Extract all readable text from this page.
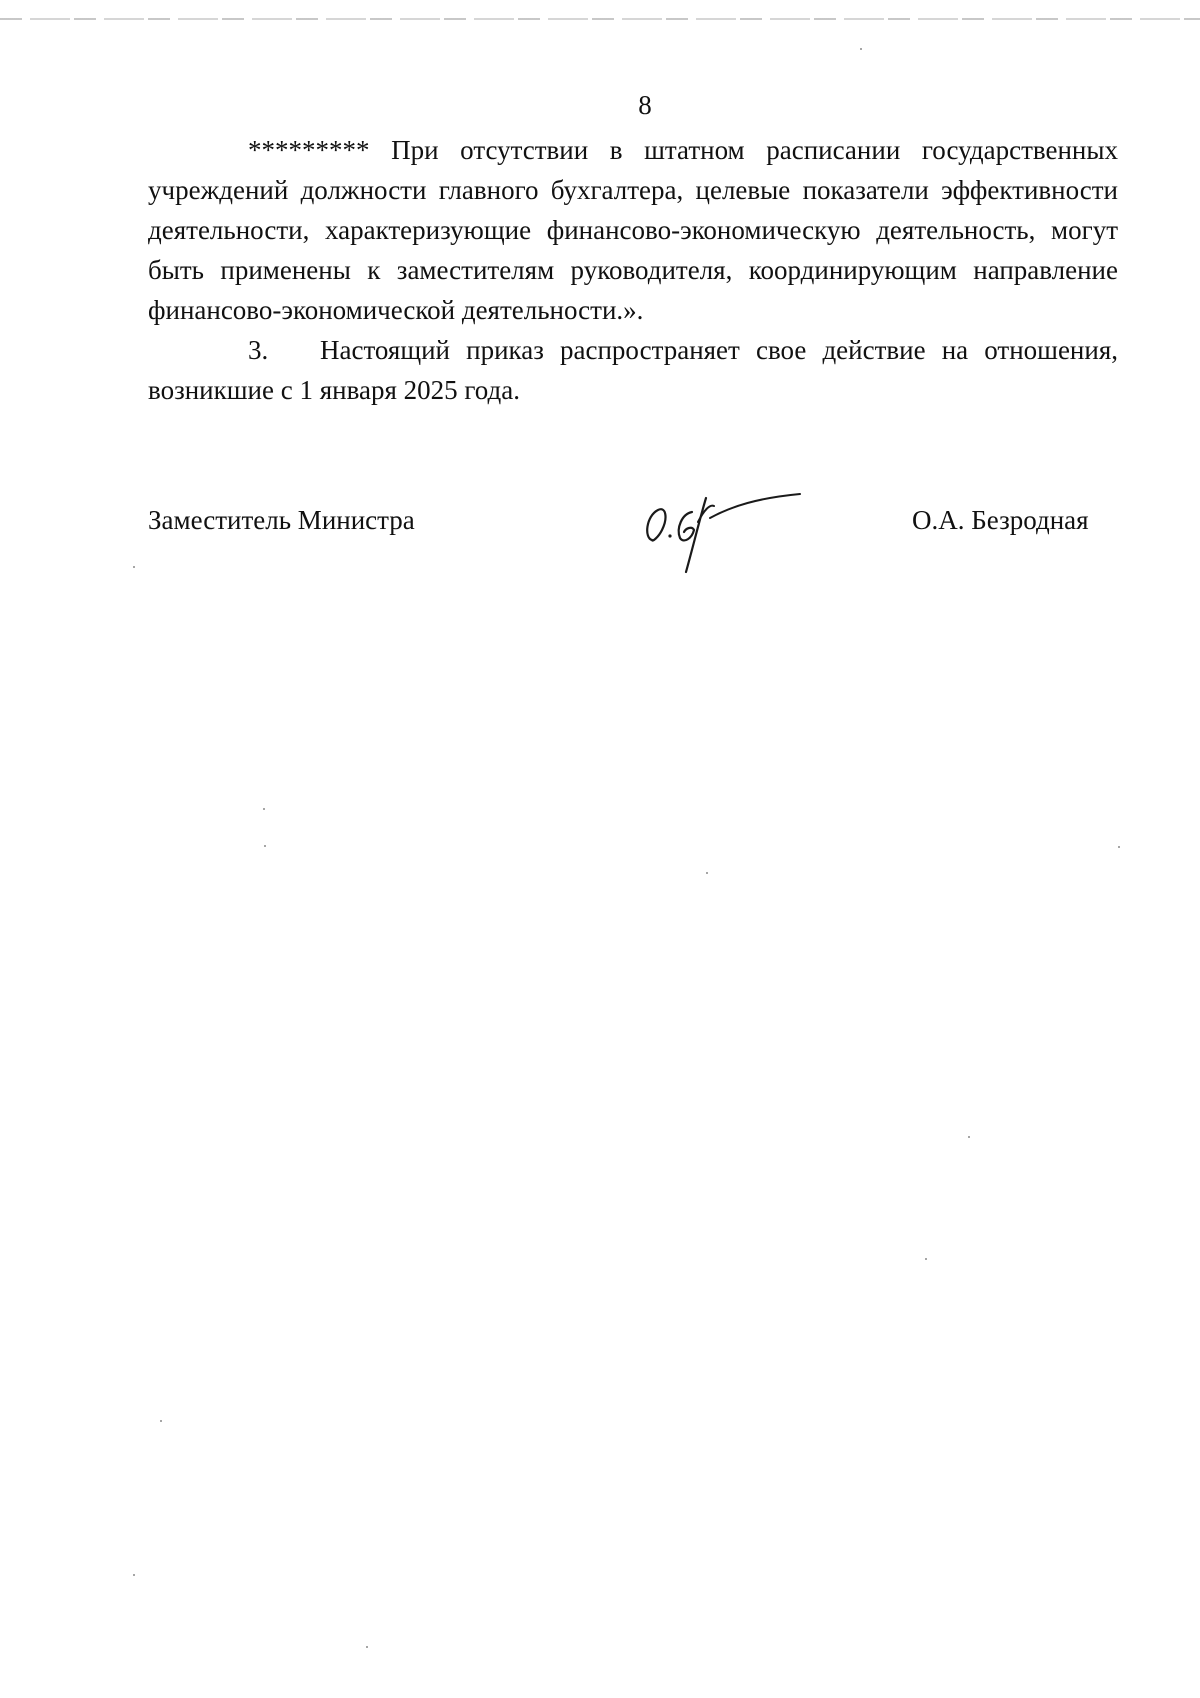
8

********* При отсутствии в штатном расписании государственных учреждений должности главного бухгалтера, целевые показатели эффективности деятельности, характеризующие финансово-экономическую деятельность, могут быть применены к заместителям руководителя, координирующим направление финансово-экономической деятельности.».

3. Настоящий приказ распространяет свое действие на отношения, возникшие с 1 января 2025 года.

Заместитель Министра	О.А. Безродная
